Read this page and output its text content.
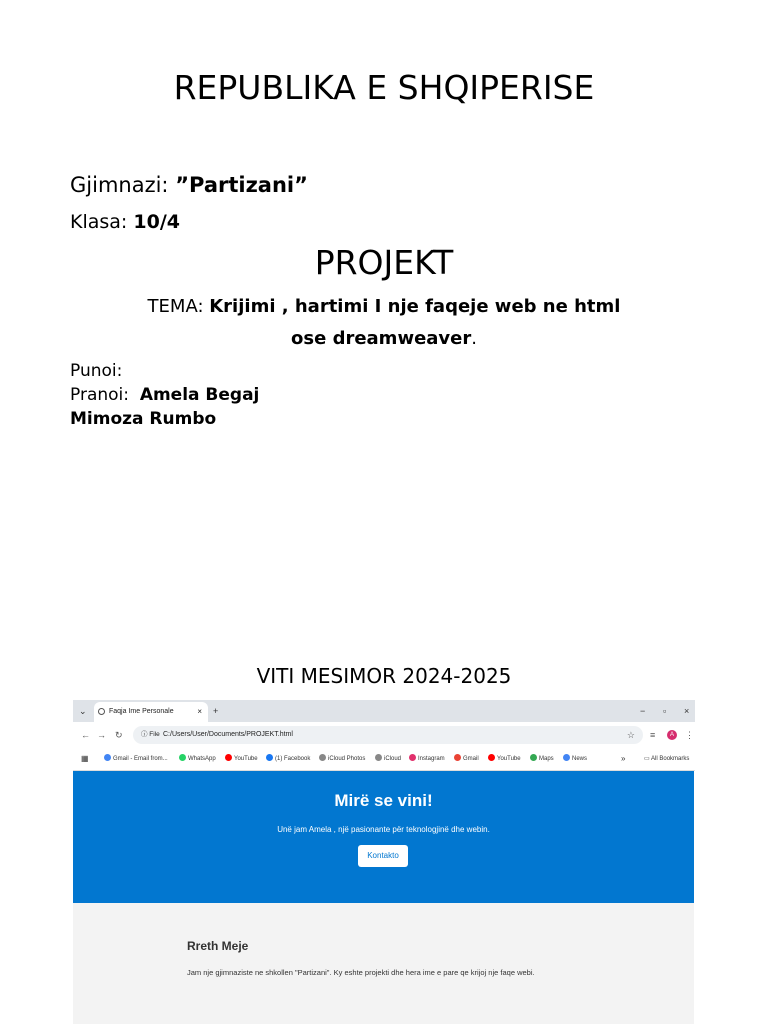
REPUBLIKA E SHQIPERISE
Gjimnazi: ”Partizani”
Klasa: 10/4
PROJEKT
TEMA: Krijimi , hartimi I nje faqeje web ne html
ose dreamweaver.
Punoi:
Pranoi: Amela Begaj
Mimoza Rumbo
VITI MESIMOR 2024-2025
⌄	Faqja Ime Personale	× +	− ▫ ×
← → ↻	ⓘ File C:/Users/User/Documents/PROJEKT.html	☆ ≡	A	⋮
▦	Gmail - Email from...	WhatsApp	YouTube	(1) Facebook	iCloud Photos	iCloud	Instagram	Gmail	YouTube	Maps	News	»	▭ All Bookmarks
Mirë se vini!

Unë jam Amela , një pasionante për teknologjinë dhe webin.

Kontakto
Rreth Meje

Jam nje gjimnaziste ne shkollen "Partizani". Ky eshte projekti dhe hera ime e pare qe krijoj nje faqe webi.
